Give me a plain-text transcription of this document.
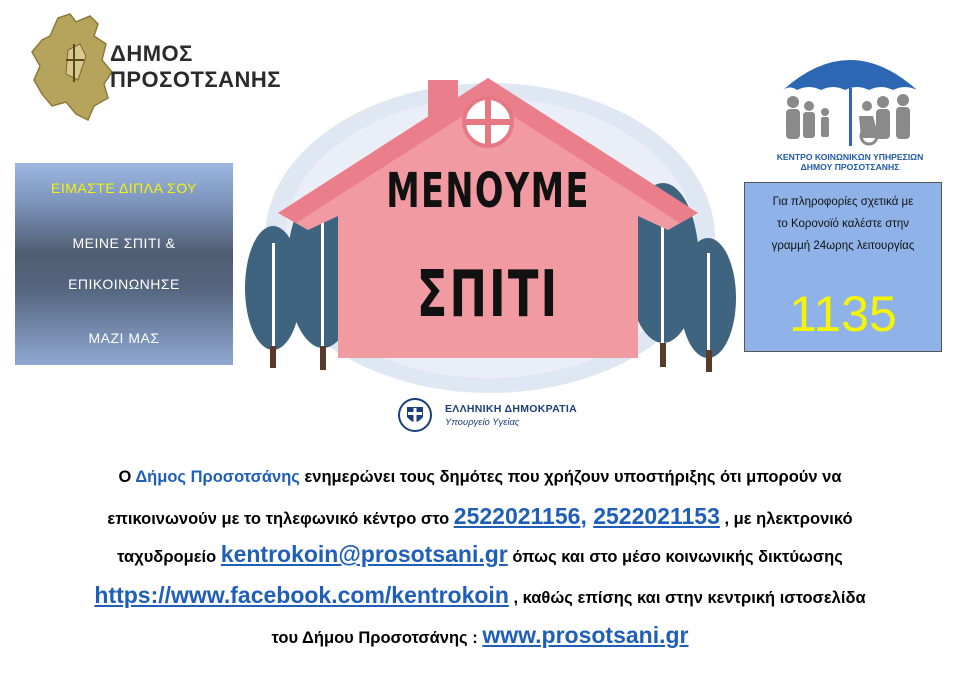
ΔΗΜΟΣ
ΠΡΟΣΟΤΣΑΝΗΣ
ΕΙΜΑΣΤΕ ΔΙΠΛΑ ΣΟΥ
ΜΕΙΝΕ ΣΠΙΤΙ &
ΕΠΙΚΟΙΝΩΝΗΣΕ
ΜΑΖΙ ΜΑΣ
ΜΕΝΟΥΜΕ
ΣΠΙΤΙ
ΚΕΝΤΡΟ ΚΟΙΝΩΝΙΚΩΝ ΥΠΗΡΕΣΙΩΝ
ΔΗΜΟΥ ΠΡΟΣΟΤΣΑΝΗΣ
Για πληροφορίες σχετικά με
το Κορονοϊό καλέστε στην
γραμμή 24ωρης λειτουργίας
1135
ΕΛΛΗΝΙΚΗ ΔΗΜΟΚΡΑΤΙΑ
Υπουργείο Υγείας
Ο Δήμος Προσοτσάνης ενημερώνει τους δημότες που χρήζουν υποστήριξης ότι μπορούν να
επικοινωνούν με το τηλεφωνικό κέντρο στο 2522021156, 2522021153 , με ηλεκτρονικό
ταχυδρομείο kentrokoin@prosotsani.gr όπως και στο μέσο κοινωνικής δικτύωσης
https://www.facebook.com/kentrokoin , καθώς επίσης και στην κεντρική ιστοσελίδα
του Δήμου Προσοτσάνης : www.prosotsani.gr
